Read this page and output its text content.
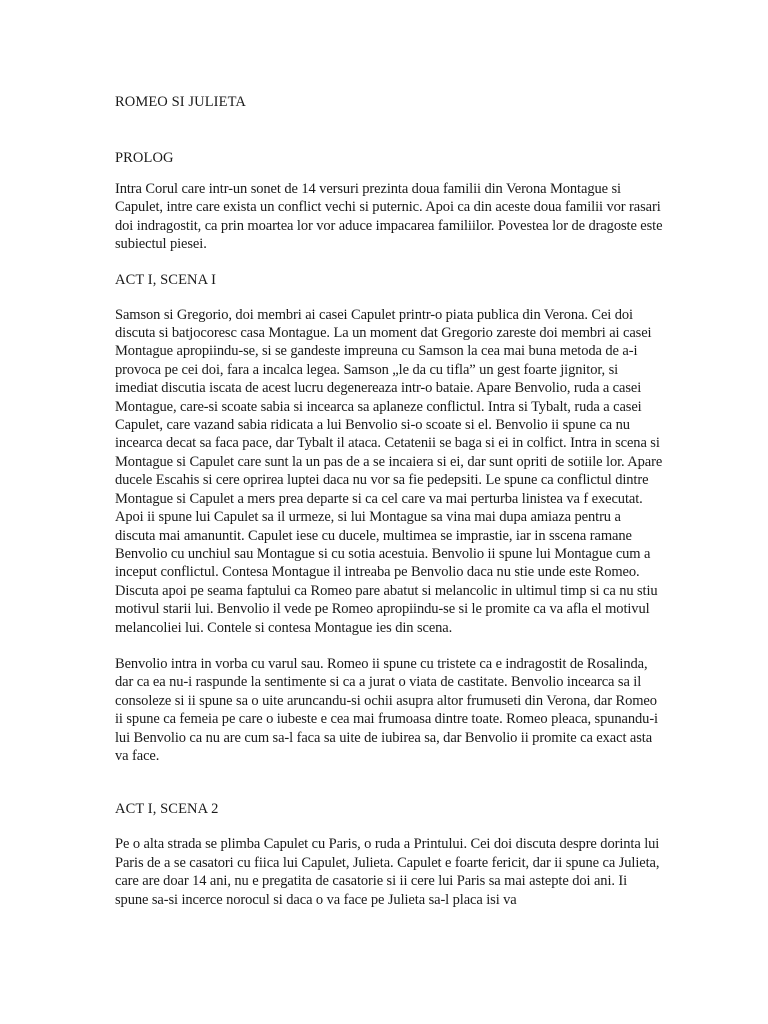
ROMEO SI JULIETA

PROLOG

Intra Corul care intr-un sonet de 14 versuri prezinta doua familii din Verona Montague si Capulet, intre care exista un conflict vechi si puternic. Apoi ca din aceste doua familii vor rasari doi indragostit, ca prin moartea lor vor aduce impacarea familiilor. Povestea lor de dragoste este subiectul piesei.

ACT I, SCENA I

Samson si Gregorio, doi membri ai casei Capulet printr-o piata publica din Verona. Cei doi discuta si batjocoresc casa Montague. La un moment dat Gregorio zareste doi membri ai casei Montague apropiindu-se, si se gandeste impreuna cu Samson la cea mai buna metoda de a-i provoca pe cei doi, fara a incalca legea. Samson „le da cu tifla” un gest foarte jignitor, si imediat discutia iscata de acest lucru degenereaza intr-o bataie. Apare Benvolio, ruda a casei Montague, care-si scoate sabia si incearca sa aplaneze conflictul. Intra si Tybalt, ruda a casei Capulet, care vazand sabia ridicata a lui Benvolio si-o scoate si el. Benvolio ii spune ca nu incearca decat sa faca pace, dar Tybalt il ataca. Cetatenii se baga si ei in colfict. Intra in scena si Montague si Capulet care sunt la un pas de a se incaiera si ei, dar sunt opriti de sotiile lor. Apare ducele Escahis si cere oprirea luptei daca nu vor sa fie pedepsiti. Le spune ca conflictul dintre Montague si Capulet a mers prea departe si ca cel care va mai perturba linistea va f executat. Apoi ii spune lui Capulet sa il urmeze, si lui Montague sa vina mai dupa amiaza pentru a discuta mai amanuntit. Capulet iese cu ducele, multimea se imprastie, iar in sscena ramane Benvolio cu unchiul sau Montague si cu sotia acestuia. Benvolio ii spune lui Montague cum a inceput conflictul. Contesa Montague il intreaba pe Benvolio daca nu stie unde este Romeo. Discuta apoi pe seama faptului ca Romeo pare abatut si melancolic in ultimul timp si ca nu stiu motivul starii lui. Benvolio il vede pe Romeo apropiindu-se si le promite ca va afla el motivul melancoliei lui. Contele si contesa Montague ies din scena.

Benvolio intra in vorba cu varul sau. Romeo ii spune cu tristete ca e indragostit de Rosalinda, dar ca ea nu-i raspunde la sentimente si ca a jurat o viata de castitate. Benvolio incearca sa il consoleze si ii spune sa o uite aruncandu-si ochii asupra altor frumuseti din Verona, dar Romeo ii spune ca femeia pe care o iubeste e cea mai frumoasa dintre toate. Romeo pleaca, spunandu-i lui Benvolio ca nu are cum sa-l faca sa uite de iubirea sa, dar Benvolio ii promite ca exact asta va face.

ACT I, SCENA 2

Pe o alta strada se plimba Capulet cu Paris, o ruda a Printului. Cei doi discuta despre dorinta lui Paris de a se casatori cu fiica lui Capulet, Julieta. Capulet e foarte fericit, dar ii spune ca Julieta, care are doar 14 ani, nu e pregatita de casatorie si ii cere lui Paris sa mai astepte doi ani. Ii spune sa-si incerce norocul si daca o va face pe Julieta sa-l placa isi va
